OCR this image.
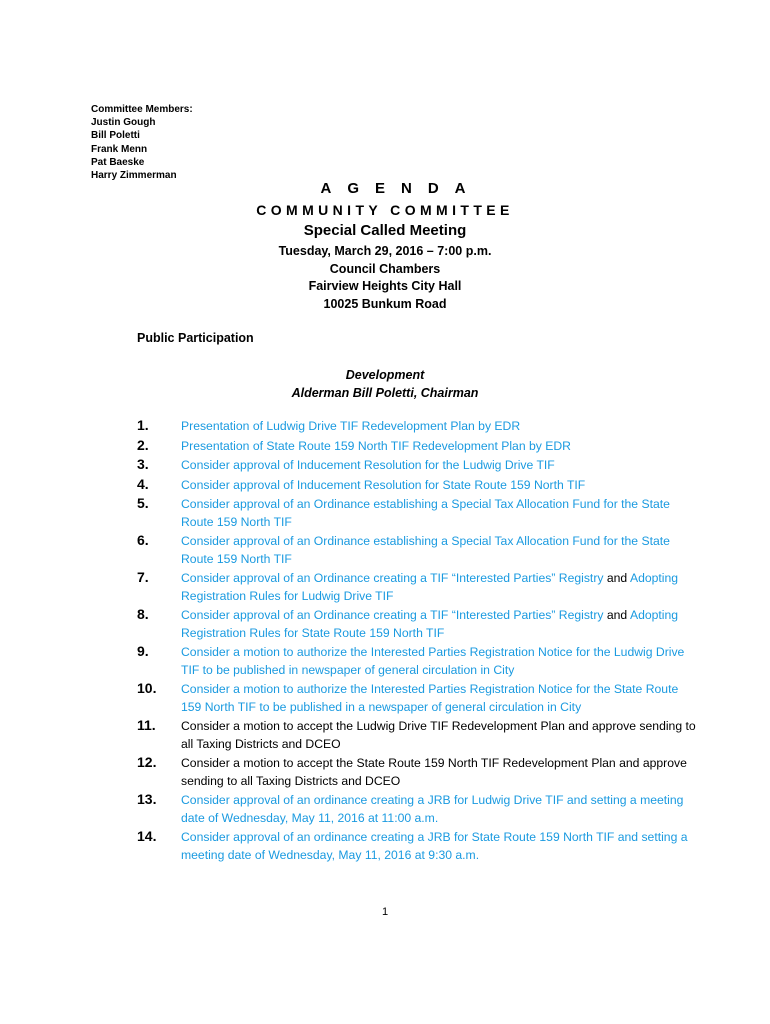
Committee Members:
Justin Gough
Bill Poletti
Frank Menn
Pat Baeske
Harry Zimmerman
AGENDA
COMMUNITY COMMITTEE
Special Called Meeting
Tuesday, March 29, 2016 – 7:00 p.m.
Council Chambers
Fairview Heights City Hall
10025 Bunkum Road
Public Participation
Development
Alderman Bill Poletti, Chairman
1.	Presentation of Ludwig Drive TIF Redevelopment Plan by EDR
2.	Presentation of State Route 159 North TIF Redevelopment Plan by EDR
3.	Consider approval of Inducement Resolution for the Ludwig Drive TIF
4.	Consider approval of Inducement Resolution for State Route 159 North TIF
5.	Consider approval of an Ordinance establishing a Special Tax Allocation Fund for the State Route 159 North TIF
6.	Consider approval of an Ordinance establishing a Special Tax Allocation Fund for the State Route 159 North TIF
7.	Consider approval of an Ordinance creating a TIF “Interested Parties” Registry and Adopting Registration Rules for Ludwig Drive TIF
8.	Consider approval of an Ordinance creating a TIF “Interested Parties” Registry and Adopting Registration Rules for State Route 159 North TIF
9.	Consider a motion to authorize the Interested Parties Registration Notice for the Ludwig Drive TIF to be published in newspaper of general circulation in City
10. Consider a motion to authorize the Interested Parties Registration Notice for the State Route 159 North TIF to be published in a newspaper of general circulation in City
11. Consider a motion to accept the Ludwig Drive TIF Redevelopment Plan and approve sending to all Taxing Districts and DCEO
12. Consider a motion to accept the State Route 159 North TIF Redevelopment Plan and approve sending to all Taxing Districts and DCEO
13. Consider approval of an ordinance creating a JRB for Ludwig Drive TIF and setting a meeting date of Wednesday, May 11, 2016 at 11:00 a.m.
14. Consider approval of an ordinance creating a JRB for State Route 159 North TIF and setting a meeting date of Wednesday, May 11, 2016 at 9:30 a.m.
1
